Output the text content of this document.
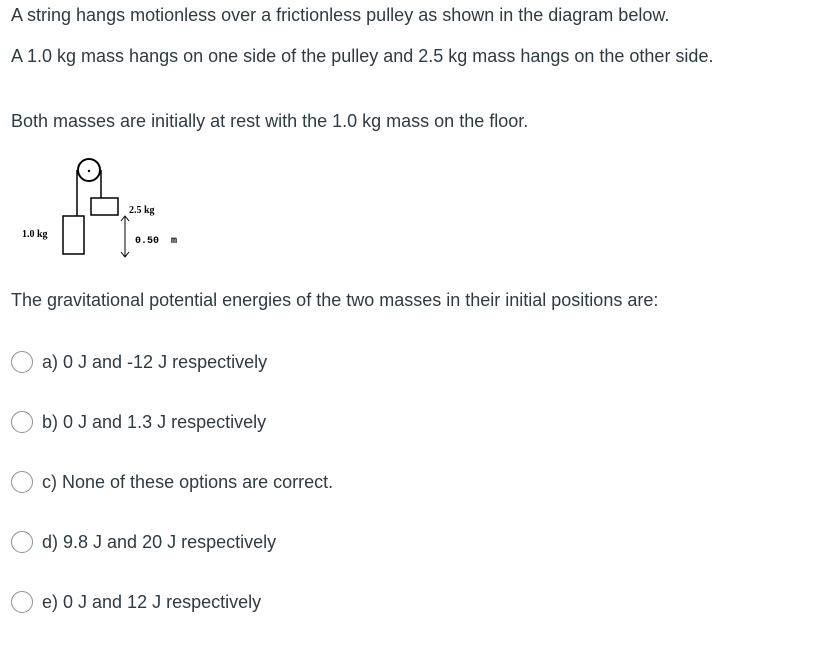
A string hangs motionless over a frictionless pulley as shown in the diagram below.
A 1.0 kg mass hangs on one side of the pulley and 2.5 kg mass hangs on the other side.
Both masses are initially at rest with the 1.0 kg mass on the floor.
The gravitational potential energies of the two masses in their initial positions are:
1.0 kg
2.5 kg
0.50  m
a) 0 J and -12 J respectively
b) 0 J and 1.3 J respectively
c) None of these options are correct.
d) 9.8 J and 20 J respectively
e) 0 J and 12 J respectively
